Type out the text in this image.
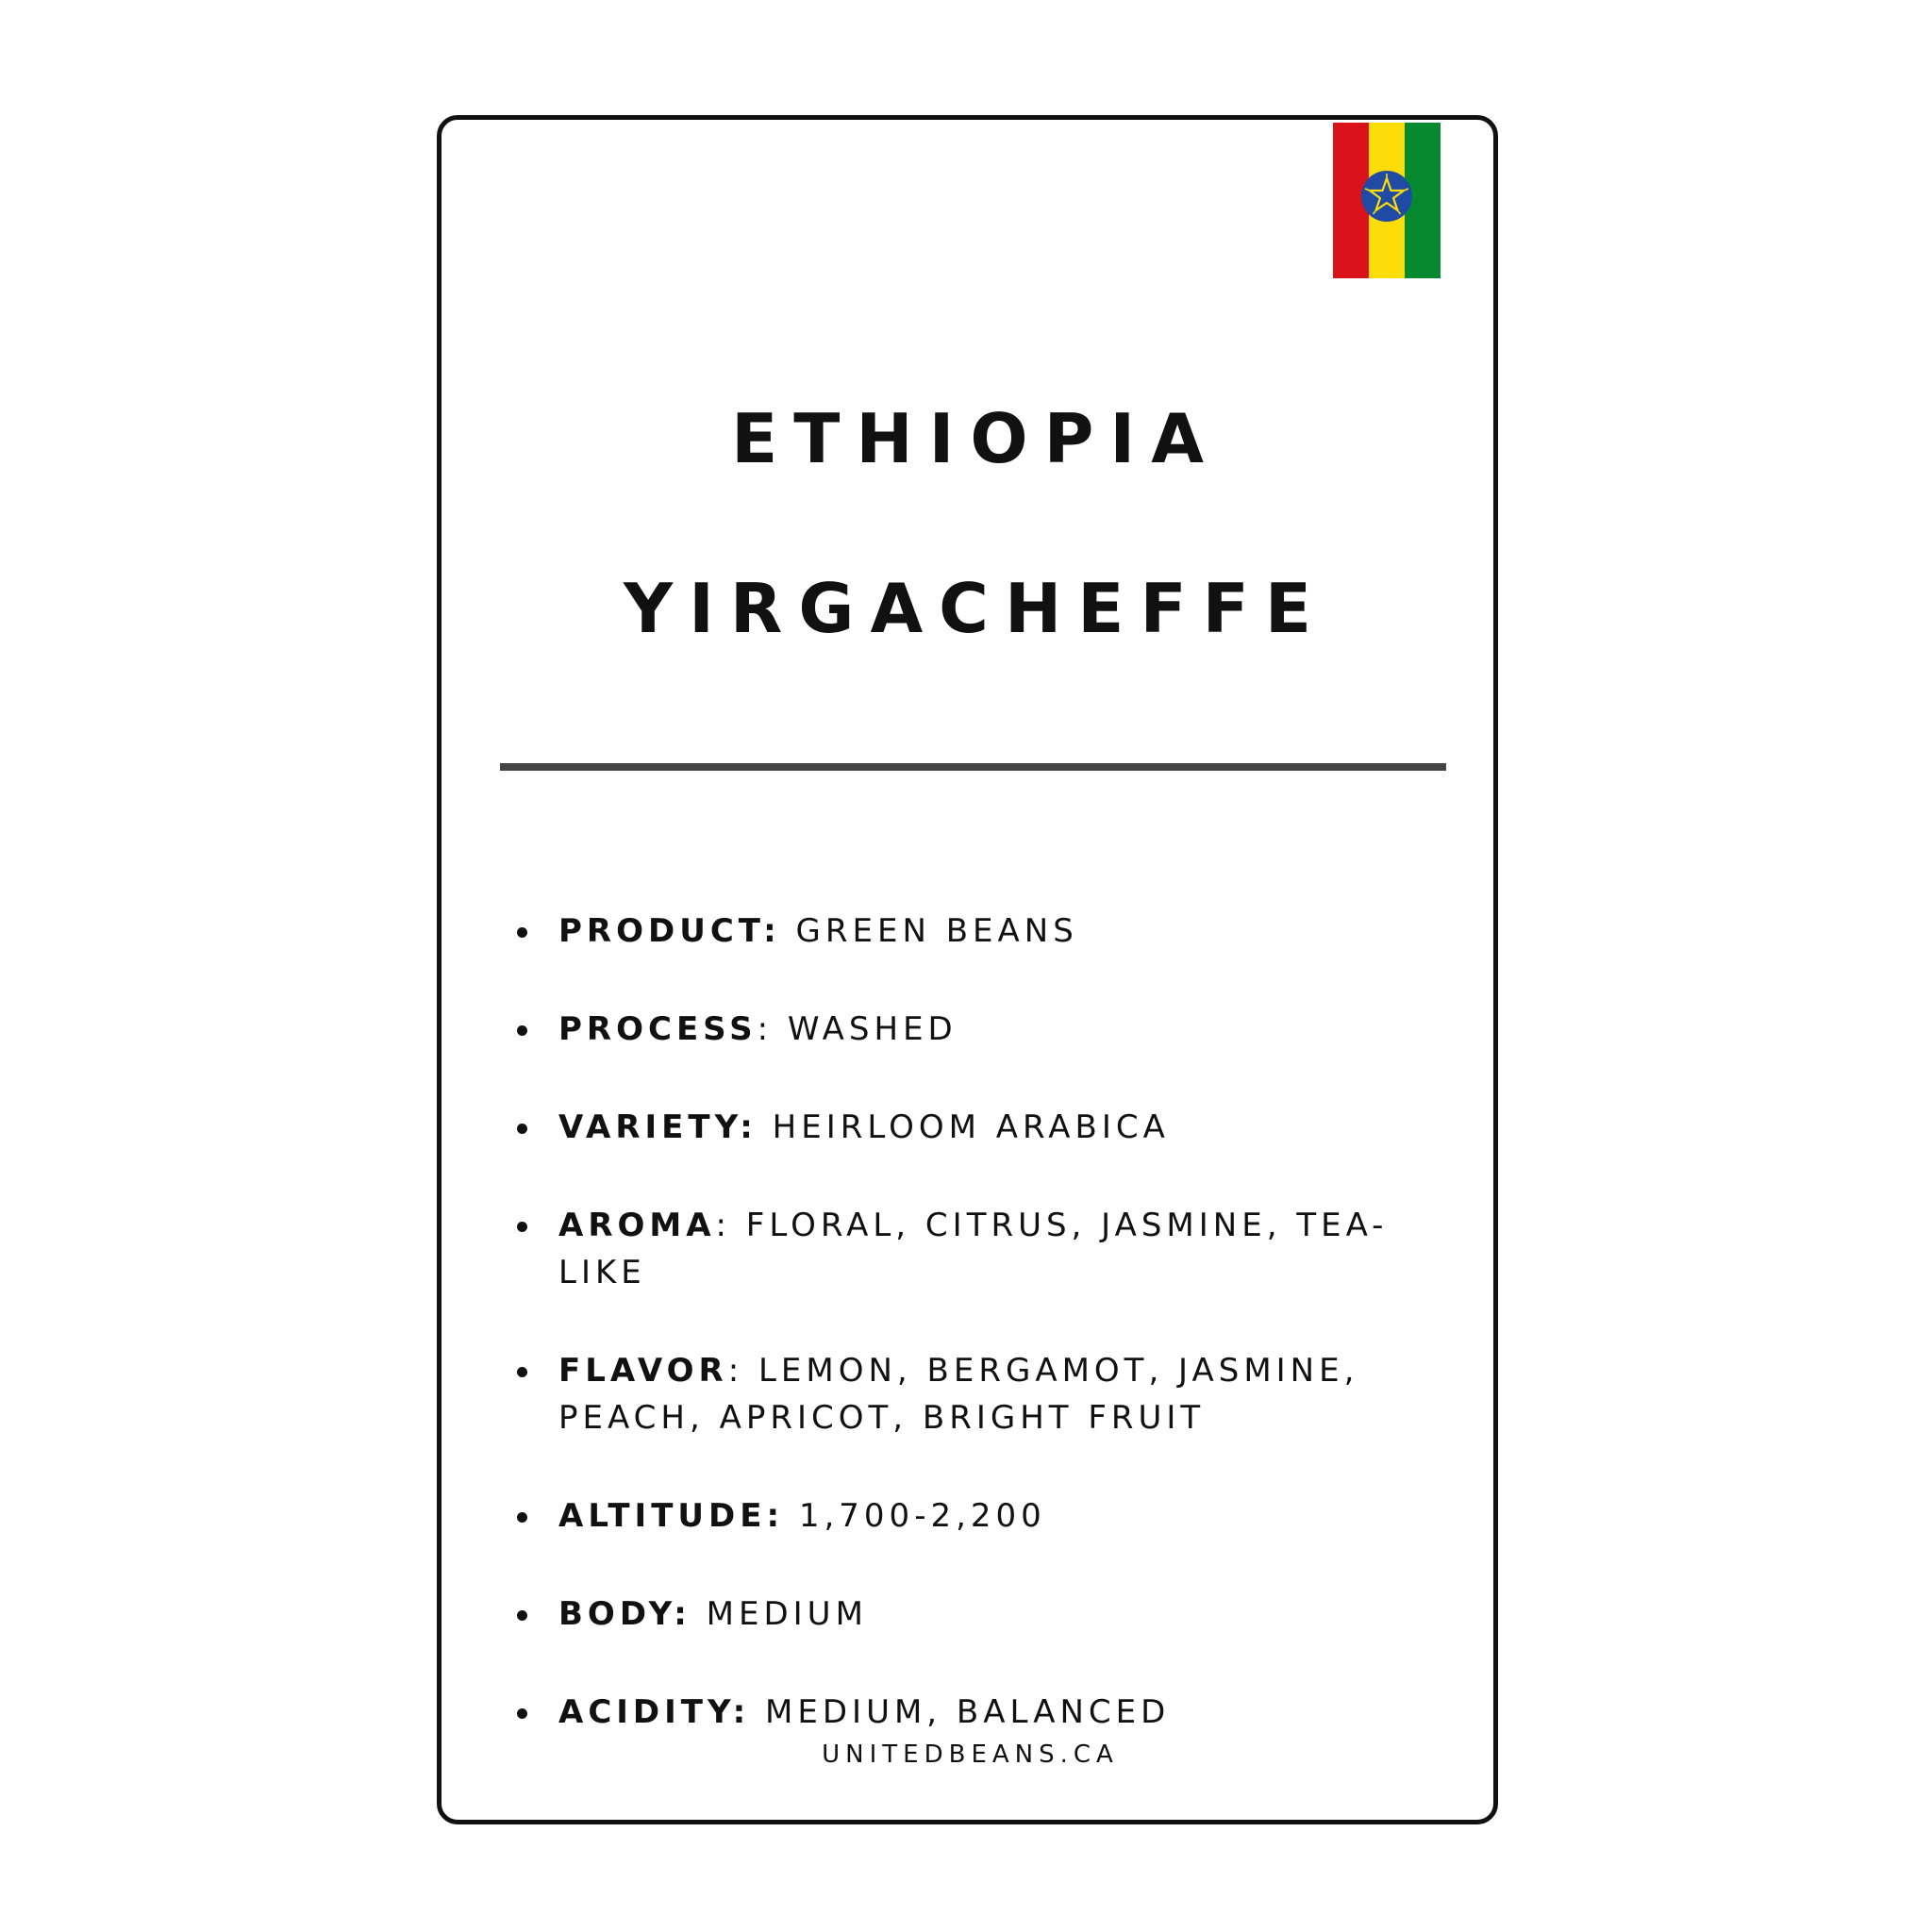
ETHIOPIA
YIRGACHEFFE
PRODUCT: GREEN BEANS
PROCESS: WASHED
VARIETY: HEIRLOOM ARABICA
AROMA: FLORAL, CITRUS, JASMINE, TEA-LIKE
FLAVOR: LEMON, BERGAMOT, JASMINE, PEACH, APRICOT, BRIGHT FRUIT
ALTITUDE: 1,700-2,200
BODY: MEDIUM
ACIDITY: MEDIUM, BALANCED

UNITEDBEANS.CA
